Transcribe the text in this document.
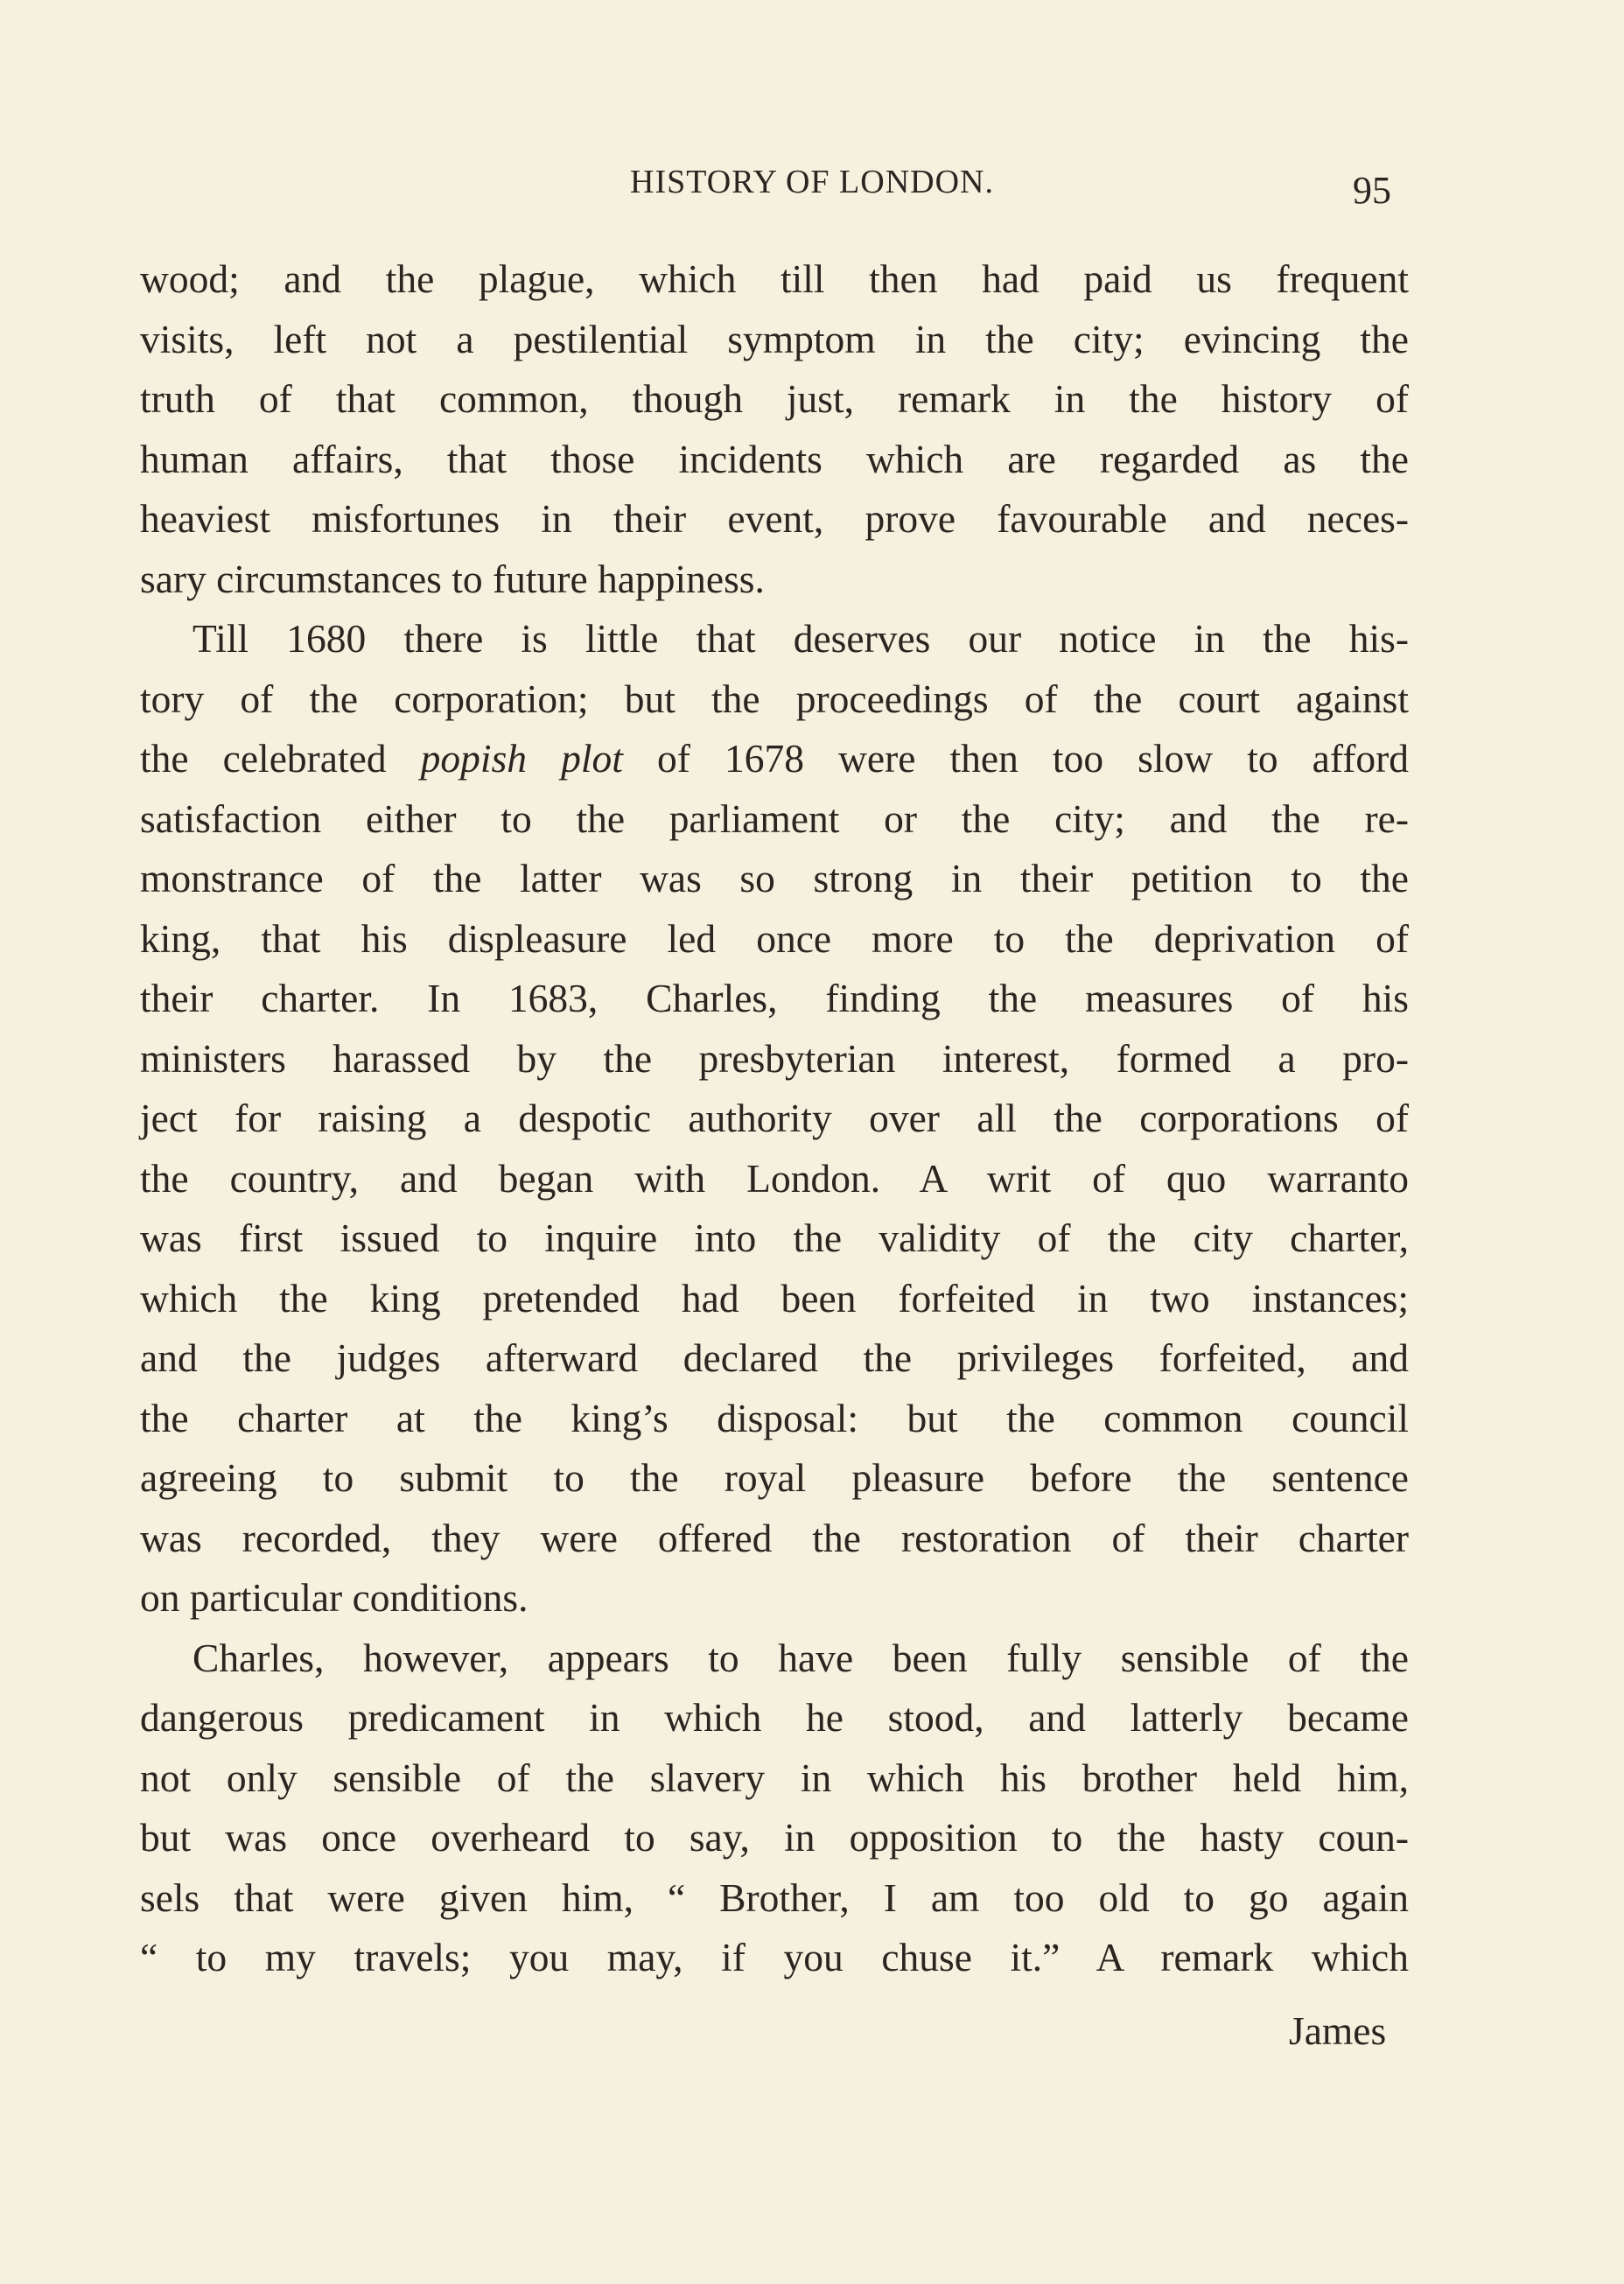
HISTORY OF LONDON.	95
wood; and the plague, which till then had paid us frequent
visits, left not a pestilential symptom in the city; evincing the
truth of that common, though just, remark in the history of
human affairs, that those incidents which are regarded as the
heaviest misfortunes in their event, prove favourable and neces-
sary circumstances to future happiness.
Till 1680 there is little that deserves our notice in the his-
tory of the corporation; but the proceedings of the court against
the celebrated popish plot of 1678 were then too slow to afford
satisfaction either to the parliament or the city; and the re-
monstrance of the latter was so strong in their petition to the
king, that his displeasure led once more to the deprivation of
their charter. In 1683, Charles, finding the measures of his
ministers harassed by the presbyterian interest, formed a pro-
ject for raising a despotic authority over all the corporations of
the country, and began with London. A writ of quo warranto
was first issued to inquire into the validity of the city charter,
which the king pretended had been forfeited in two instances;
and the judges afterward declared the privileges forfeited, and
the charter at the king’s disposal: but the common council
agreeing to submit to the royal pleasure before the sentence
was recorded, they were offered the restoration of their charter
on particular conditions.
Charles, however, appears to have been fully sensible of the
dangerous predicament in which he stood, and latterly became
not only sensible of the slavery in which his brother held him,
but was once overheard to say, in opposition to the hasty coun-
sels that were given him, “ Brother, I am too old to go again
“ to my travels; you may, if you chuse it.” A remark which
James
